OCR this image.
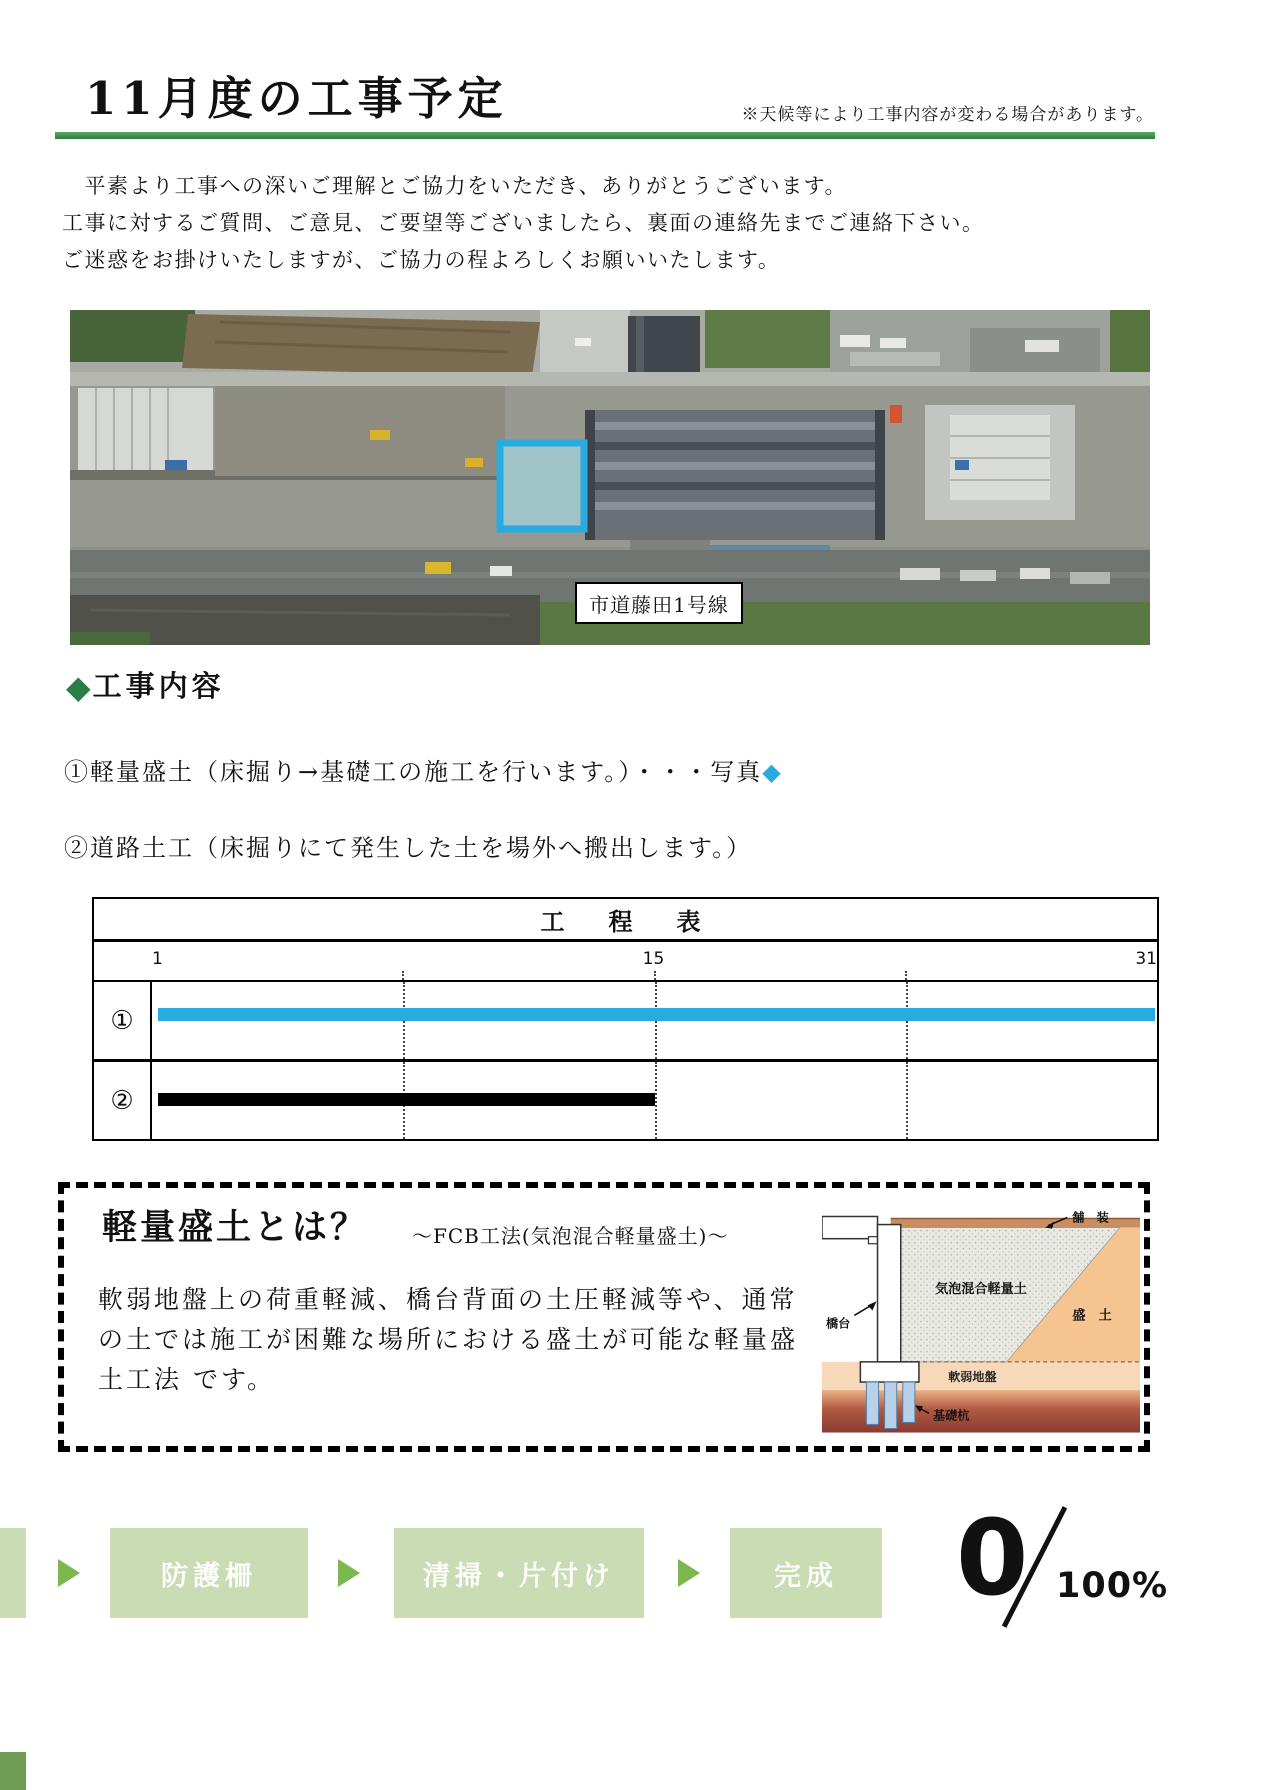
11月度の工事予定	※天候等により工事内容が変わる場合があります。
　平素より工事への深いご理解とご協力をいただき、ありがとうございます。
工事に対するご質問、ご意見、ご要望等ございましたら、裏面の連絡先までご連絡下さい。
ご迷惑をお掛けいたしますが、ご協力の程よろしくお願いいたします。
市道藤田1号線
◆工事内容
①軽量盛土（床掘り→基礎工の施工を行います。）・・・写真◆
②道路土工（床掘りにて発生した土を場外へ搬出します。）
工　程　表
1	15	31
①
②
軽量盛土とは？ ～FCB工法(気泡混合軽量盛土)～
軟弱地盤上の荷重軽減、橋台背面の土圧軽減等や、通常
の土では施工が困難な場所における盛土が可能な軽量盛
土工法 です。
舗　装
気泡混合軽量土
盛　土
橋台
軟弱地盤
基礎杭
防護柵	清掃・片付け	完成	0 100%
